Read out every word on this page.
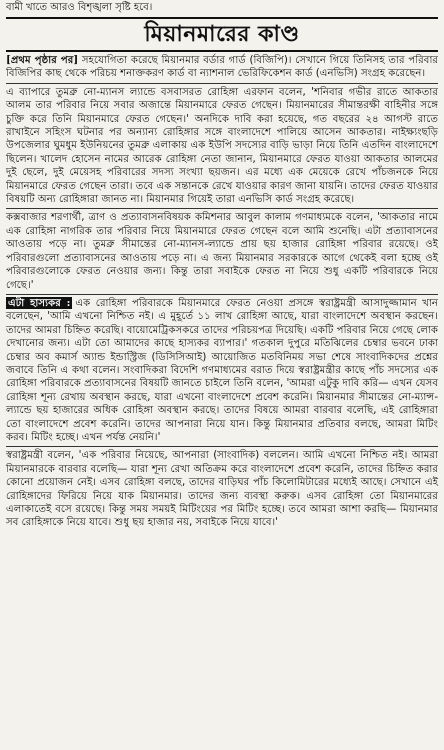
বামী খাতে আরও বিশৃঙ্খলা সৃষ্টি হবে।
মিয়ানমারের কাণ্ড

[প্রথম পৃষ্ঠার পর] সহযোগিতা করেছে মিয়ানমার বর্ডার গার্ড (বিজিপি)। সেখানে গিয়ে তিনিসহ তার পরিবার বিজিপির কাছ থেকে পরিচয় শনাক্তকরণ কার্ড বা ন্যাশনাল ভেরিফিকেশন কার্ড (এনভিসি) সংগ্রহ করেছেন।

এ ব্যাপারে তুমব্রু নো-ম্যানস ল্যান্ডে বসবাসরত রোহিঙ্গা এরফান বলেন, 'শনিবার গভীর রাতে আকতার আলম তার পরিবার নিয়ে সবার অজান্তে মিয়ানমারে ফেরত গেছেন। মিয়ানমারের সীমান্তরক্ষী বাহিনীর সঙ্গে চুক্তি করে তিনি মিয়ানমারে ফেরত গেছেন।' অনদিকে দাবি করা হয়েছে, গত বছরের ২৪ আগস্ট রাতে রাখাইনে সহিংস ঘটনার পর অন্যান্য রোহিঙ্গার সঙ্গে বাংলাদেশে পালিয়ে আসেন আকতার। নাইক্ষ্যংছড়ি উপজেলার ঘুমধুম ইউনিয়নের তুমব্রু এলাকায় এক ইউপি সদস্যের বাড়ি ভাড়া নিয়ে তিনি এতদিন বাংলাদেশে ছিলেন। খালেদ হোসেন নামের আরেক রোহিঙ্গা নেতা জানান, মিয়ানমারে ফেরত যাওয়া আকতার আলমের দুই ছেলে, দুই মেয়েসহ পরিবারের সদস্য সংখ্যা ছয়জন। এর মধ্যে এক মেয়েকে রেখে পাঁচজনকে নিয়ে মিয়ানমারে ফেরত গেছেন তারা। তবে এক সন্তানকে রেখে যাওয়ার কারণ জানা যায়নি। তাদের ফেরত যাওয়ার বিষয়টি অন্য রোহিঙ্গারা জানত না। মিয়ানমার গিয়েই তারা এনভিসি কার্ড সংগ্রহ করেছে।

কক্সবাজার শরণার্থী, ত্রাণ ও প্রত্যাবাসনবিষয়ক কমিশনার আবুল কালাম গণমাধ্যমকে বলেন, 'আকতার নামে এক রোহিঙ্গা নাগরিক তার পরিবার নিয়ে মিয়ানমারে ফেরত গেছেন বলে আমি শুনেছি। এটা প্রত্যাবাসনের আওতায় পড়ে না। তুমব্রু সীমান্তের নো-ম্যানস-ল্যান্ডে প্রায় ছয় হাজার রোহিঙ্গা পরিবার রয়েছে। ওই পরিবারগুলো প্রত্যাবাসনের আওতায় পড়ে না। এ জন্য মিয়ানমার সরকারকে আগে থেকেই বলা হচ্ছে ওই পরিবারগুলোকে ফেরত নেওয়ার জন্য। কিন্তু তারা সবাইকে ফেরত না নিয়ে শুধু একটি পরিবারকে নিয়ে গেছে।'

এটা হাস্যকর : এক রোহিঙ্গা পরিবারকে মিয়ানমারে ফেরত নেওয়া প্রসঙ্গে স্বরাষ্ট্রমন্ত্রী আসাদুজ্জামান খান বলেছেন, 'আমি এখনো নিশ্চিত নই। এ মুহূর্তে ১১ লাখ রোহিঙ্গা আছে, যারা বাংলাদেশে অবস্থান করছেন। তাদের আমরা চিহ্নিত করেছি। বায়োমেট্রিকসকরে তাদের পরিচয়পত্র দিয়েছি। একটি পরিবার নিয়ে গেছে লোক দেখানোর জন্য। এটা তো আমাদের কাছে হাস্যকর ব্যাপার।' গতকাল দুপুরে মতিঝিলের চেম্বার ভবনে ঢাকা চেম্বার অব কমার্স অ্যান্ড ইন্ডাস্ট্রিজ (ডিসিসিআই) আয়োজিত মতবিনিময় সভা শেষে সাংবাদিকদের প্রশ্নের জবাবে তিনি এ কথা বলেন। সংবাদিকরা বিদেশি গণমাধ্যমের বরাত দিয়ে স্বরাষ্ট্রমন্ত্রীর কাছে পাঁচ সদস্যের এক রোহিঙ্গা পরিবারকে প্রত্যাবাসনের বিষয়টি জানতে চাইলে তিনি বলেন, 'আমরা এটুকু দাবি করি— এখন যেসব রোহিঙ্গা শূন্য রেখায় অবস্থান করছে, যারা এখনো বাংলাদেশে প্রবেশ করেনি। মিয়ানমার সীমান্তের নো-ম্যান্স-ল্যান্ডে ছয় হাজারের অধিক রোহিঙ্গা অবস্থান করছে। তাদের বিষয়ে আমরা বারবার বলেছি, এই রোহিঙ্গারা তো বাংলাদেশে প্রবেশ করেনি। তাদের আপনারা নিয়ে যান। কিন্তু মিয়ানমার প্রতিবার বলছে, আমরা মিটিং করব। মিটিং হচ্ছে। এখন পর্যন্ত নেয়নি।'

স্বরাষ্ট্রমন্ত্রী বলেন, 'এক পরিবার নিয়েছে, আপনারা (সাংবাদিক) বললেন। আমি এখনো নিশ্চিত নই। আমরা মিয়ানমারকে বারবার বলেছি— যারা শূন্য রেখা অতিক্রম করে বাংলাদেশে প্রবেশ করেনি, তাদের চিহ্নিত করার কোনো প্রয়োজন নেই। এসব রোহিঙ্গা বলছে, তাদের বাড়িঘর পাঁচ কিলোমিটারের মধ্যেই আছে। সেখানে এই রোহিঙ্গাদের ফিরিয়ে নিয়ে যাক মিয়ানমার। তাদের জন্য ব্যবস্থা করুক। এসব রোহিঙ্গা তো মিয়ানমারের এলাকাতেই বসে রয়েছে। কিন্তু সময় সময়ই মিটিংয়ের পর মিটিং হচ্ছে। তবে আমরা আশা করছি— মিয়ানমার সব রোহিঙ্গাকে নিয়ে যাবে। শুধু ছয় হাজার নয়, সবাইকে নিয়ে যাবে।'
